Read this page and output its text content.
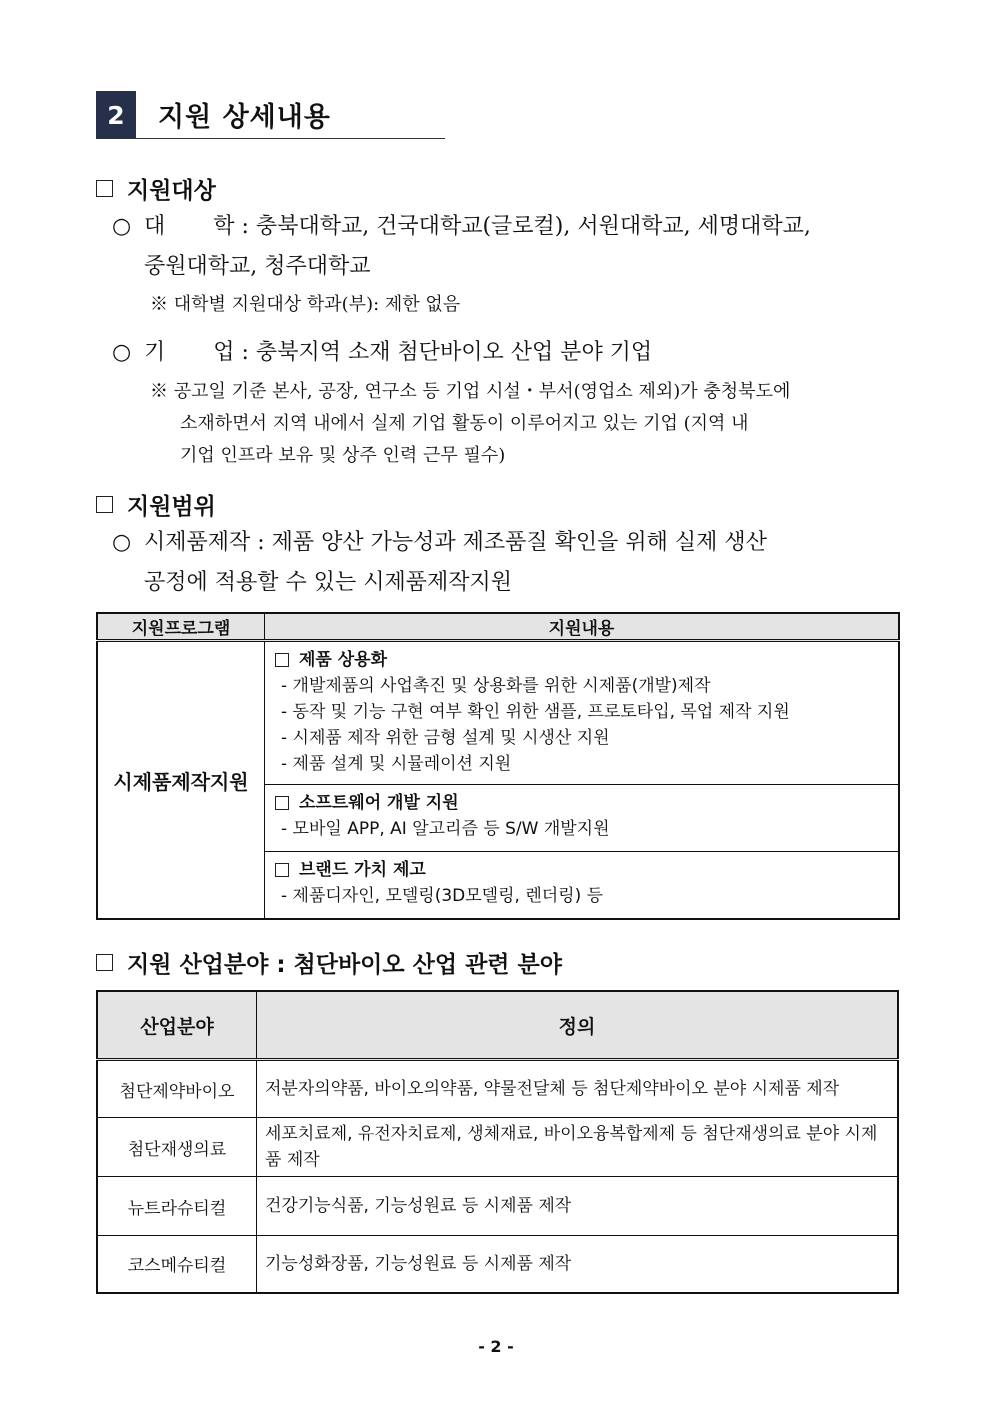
2	지원 상세내용
지원대상
○ 대 학 : 충북대학교, 건국대학교(글로컬), 서원대학교, 세명대학교,
중원대학교, 청주대학교
※ 대학별 지원대상 학과(부): 제한 없음
○ 기 업 : 충북지역 소재 첨단바이오 산업 분야 기업
※ 공고일 기준 본사, 공장, 연구소 등 기업 시설・부서(영업소 제외)가 충청북도에
소재하면서 지역 내에서 실제 기업 활동이 이루어지고 있는 기업 (지역 내
기업 인프라 보유 및 상주 인력 근무 필수)
지원범위
○ 시제품제작 : 제품 양산 가능성과 제조품질 확인을 위해 실제 생산
공정에 적용할 수 있는 시제품제작지원
지원프로그램	지원내용
시제품제작지원	제품 상용화
- 개발제품의 사업촉진 및 상용화를 위한 시제품(개발)제작
- 동작 및 기능 구현 여부 확인 위한 샘플, 프로토타입, 목업 제작 지원
- 시제품 제작 위한 금형 설계 및 시생산 지원
- 제품 설계 및 시뮬레이션 지원

	소프트웨어 개발 지원
- 모바일 APP, AI 알고리즘 등 S/W 개발지원

	브랜드 가치 제고
- 제품디자인, 모델링(3D모델링, 렌더링) 등
지원 산업분야 : 첨단바이오 산업 관련 분야
산업분야	정의
첨단제약바이오	저분자의약품, 바이오의약품, 약물전달체 등 첨단제약바이오 분야 시제품 제작
첨단재생의료	세포치료제, 유전자치료제, 생체재료, 바이오융복합제제 등 첨단재생의료 분야 시제품 제작
뉴트라슈티컬	건강기능식품, 기능성원료 등 시제품 제작
코스메슈티컬	기능성화장품, 기능성원료 등 시제품 제작
- 2 -
